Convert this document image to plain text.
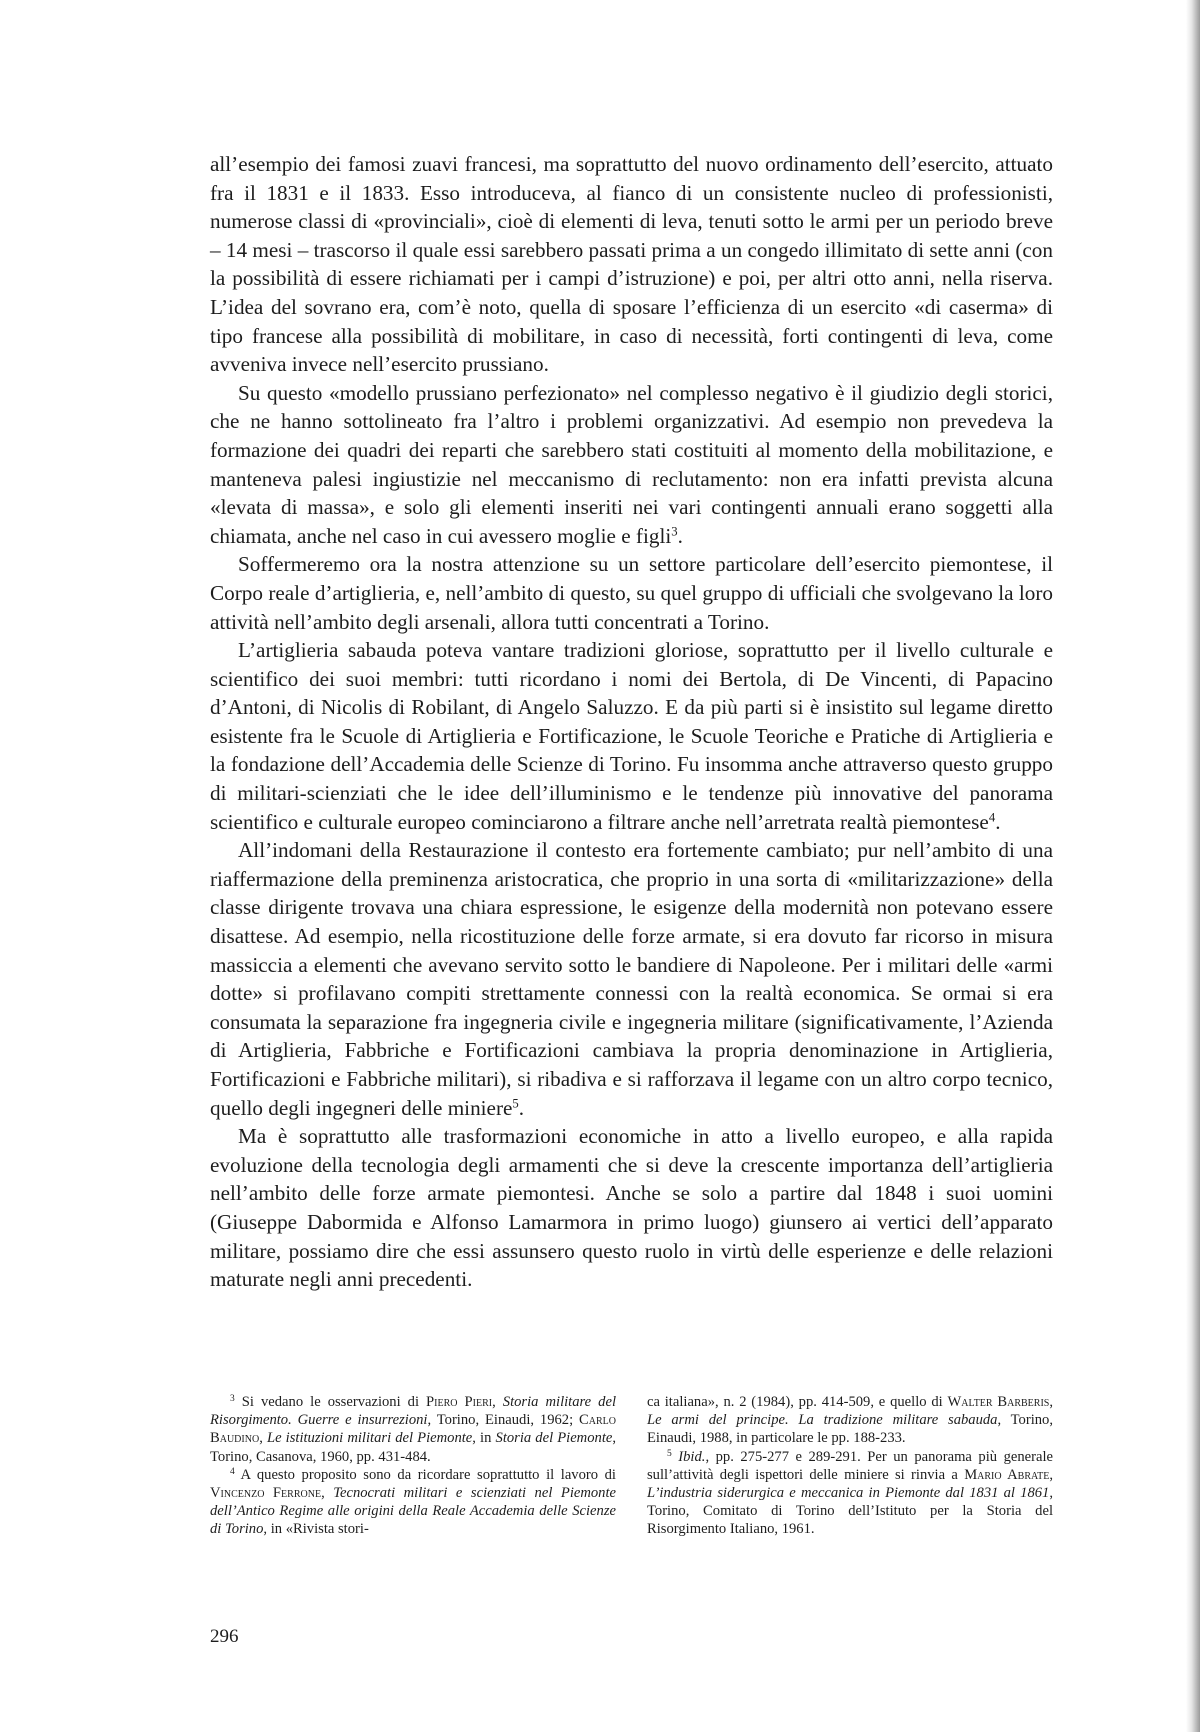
all’esempio dei famosi zuavi francesi, ma soprattutto del nuovo ordinamento dell’esercito, attuato fra il 1831 e il 1833. Esso introduceva, al fianco di un consistente nucleo di professionisti, numerose classi di «provinciali», cioè di elementi di leva, tenuti sotto le armi per un periodo breve – 14 mesi – trascorso il quale essi sarebbero passati prima a un congedo illimitato di sette anni (con la possibilità di essere richiamati per i campi d’istruzione) e poi, per altri otto anni, nella riserva. L’idea del sovrano era, com’è noto, quella di sposare l’efficienza di un esercito «di caserma» di tipo francese alla possibilità di mobilitare, in caso di necessità, forti contingenti di leva, come avveniva invece nell’esercito prussiano.

Su questo «modello prussiano perfezionato» nel complesso negativo è il giudizio degli storici, che ne hanno sottolineato fra l’altro i problemi organizzativi. Ad esempio non prevedeva la formazione dei quadri dei reparti che sarebbero stati costituiti al momento della mobilitazione, e manteneva palesi ingiustizie nel meccanismo di reclutamento: non era infatti prevista alcuna «levata di massa», e solo gli elementi inseriti nei vari contingenti annuali erano soggetti alla chiamata, anche nel caso in cui avessero moglie e figli$^3$.

Soffermeremo ora la nostra attenzione su un settore particolare dell’esercito piemontese, il Corpo reale d’artiglieria, e, nell’ambito di questo, su quel gruppo di ufficiali che svolgevano la loro attività nell’ambito degli arsenali, allora tutti concentrati a Torino.

L’artiglieria sabauda poteva vantare tradizioni gloriose, soprattutto per il livello culturale e scientifico dei suoi membri: tutti ricordano i nomi dei Bertola, di De Vincenti, di Papacino d’Antoni, di Nicolis di Robilant, di Angelo Saluzzo. E da più parti si è insistito sul legame diretto esistente fra le Scuole di Artiglieria e Fortificazione, le Scuole Teoriche e Pratiche di Artiglieria e la fondazione dell’Accademia delle Scienze di Torino. Fu insomma anche attraverso questo gruppo di militari-scienziati che le idee dell’illuminismo e le tendenze più innovative del panorama scientifico e culturale europeo cominciarono a filtrare anche nell’arretrata realtà piemontese$^4$.

All’indomani della Restaurazione il contesto era fortemente cambiato; pur nell’ambito di una riaffermazione della preminenza aristocratica, che proprio in una sorta di «militarizzazione» della classe dirigente trovava una chiara espressione, le esigenze della modernità non potevano essere disattese. Ad esempio, nella ricostituzione delle forze armate, si era dovuto far ricorso in misura massiccia a elementi che avevano servito sotto le bandiere di Napoleone. Per i militari delle «armi dotte» si profilavano compiti strettamente connessi con la realtà economica. Se ormai si era consumata la separazione fra ingegneria civile e ingegneria militare (significativamente, l’Azienda di Artiglieria, Fabbriche e Fortificazioni cambiava la propria denominazione in Artiglieria, Fortificazioni e Fabbriche militari), si ribadiva e si rafforzava il legame con un altro corpo tecnico, quello degli ingegneri delle miniere$^5$.

Ma è soprattutto alle trasformazioni economiche in atto a livello europeo, e alla rapida evoluzione della tecnologia degli armamenti che si deve la crescente importanza dell’artiglieria nell’ambito delle forze armate piemontesi. Anche se solo a partire dal 1848 i suoi uomini (Giuseppe Dabormida e Alfonso Lamarmora in primo luogo) giunsero ai vertici dell’apparato militare, possiamo dire che essi assunsero questo ruolo in virtù delle esperienze e delle relazioni maturate negli anni precedenti.

$^3$ Si vedano le osservazioni di Piero Pieri, Storia militare del Risorgimento. Guerre e insurrezioni, Torino, Einaudi, 1962; Carlo Baudino, Le istituzioni militari del Piemonte, in Storia del Piemonte, Torino, Casanova, 1960, pp. 431-484.

$^4$ A questo proposito sono da ricordare soprattutto il lavoro di Vincenzo Ferrone, Tecnocrati militari e scienziati nel Piemonte dell’Antico Regime alle origini della Reale Accademia delle Scienze di Torino, in «Rivista stori-

ca italiana», n. 2 (1984), pp. 414-509, e quello di Walter Barberis, Le armi del principe. La tradizione militare sabauda, Torino, Einaudi, 1988, in particolare le pp. 188-233.

$^5$ Ibid., pp. 275-277 e 289-291. Per un panorama più generale sull’attività degli ispettori delle miniere si rinvia a Mario Abrate, L’industria siderurgica e meccanica in Piemonte dal 1831 al 1861, Torino, Comitato di Torino dell’Istituto per la Storia del Risorgimento Italiano, 1961.

296
